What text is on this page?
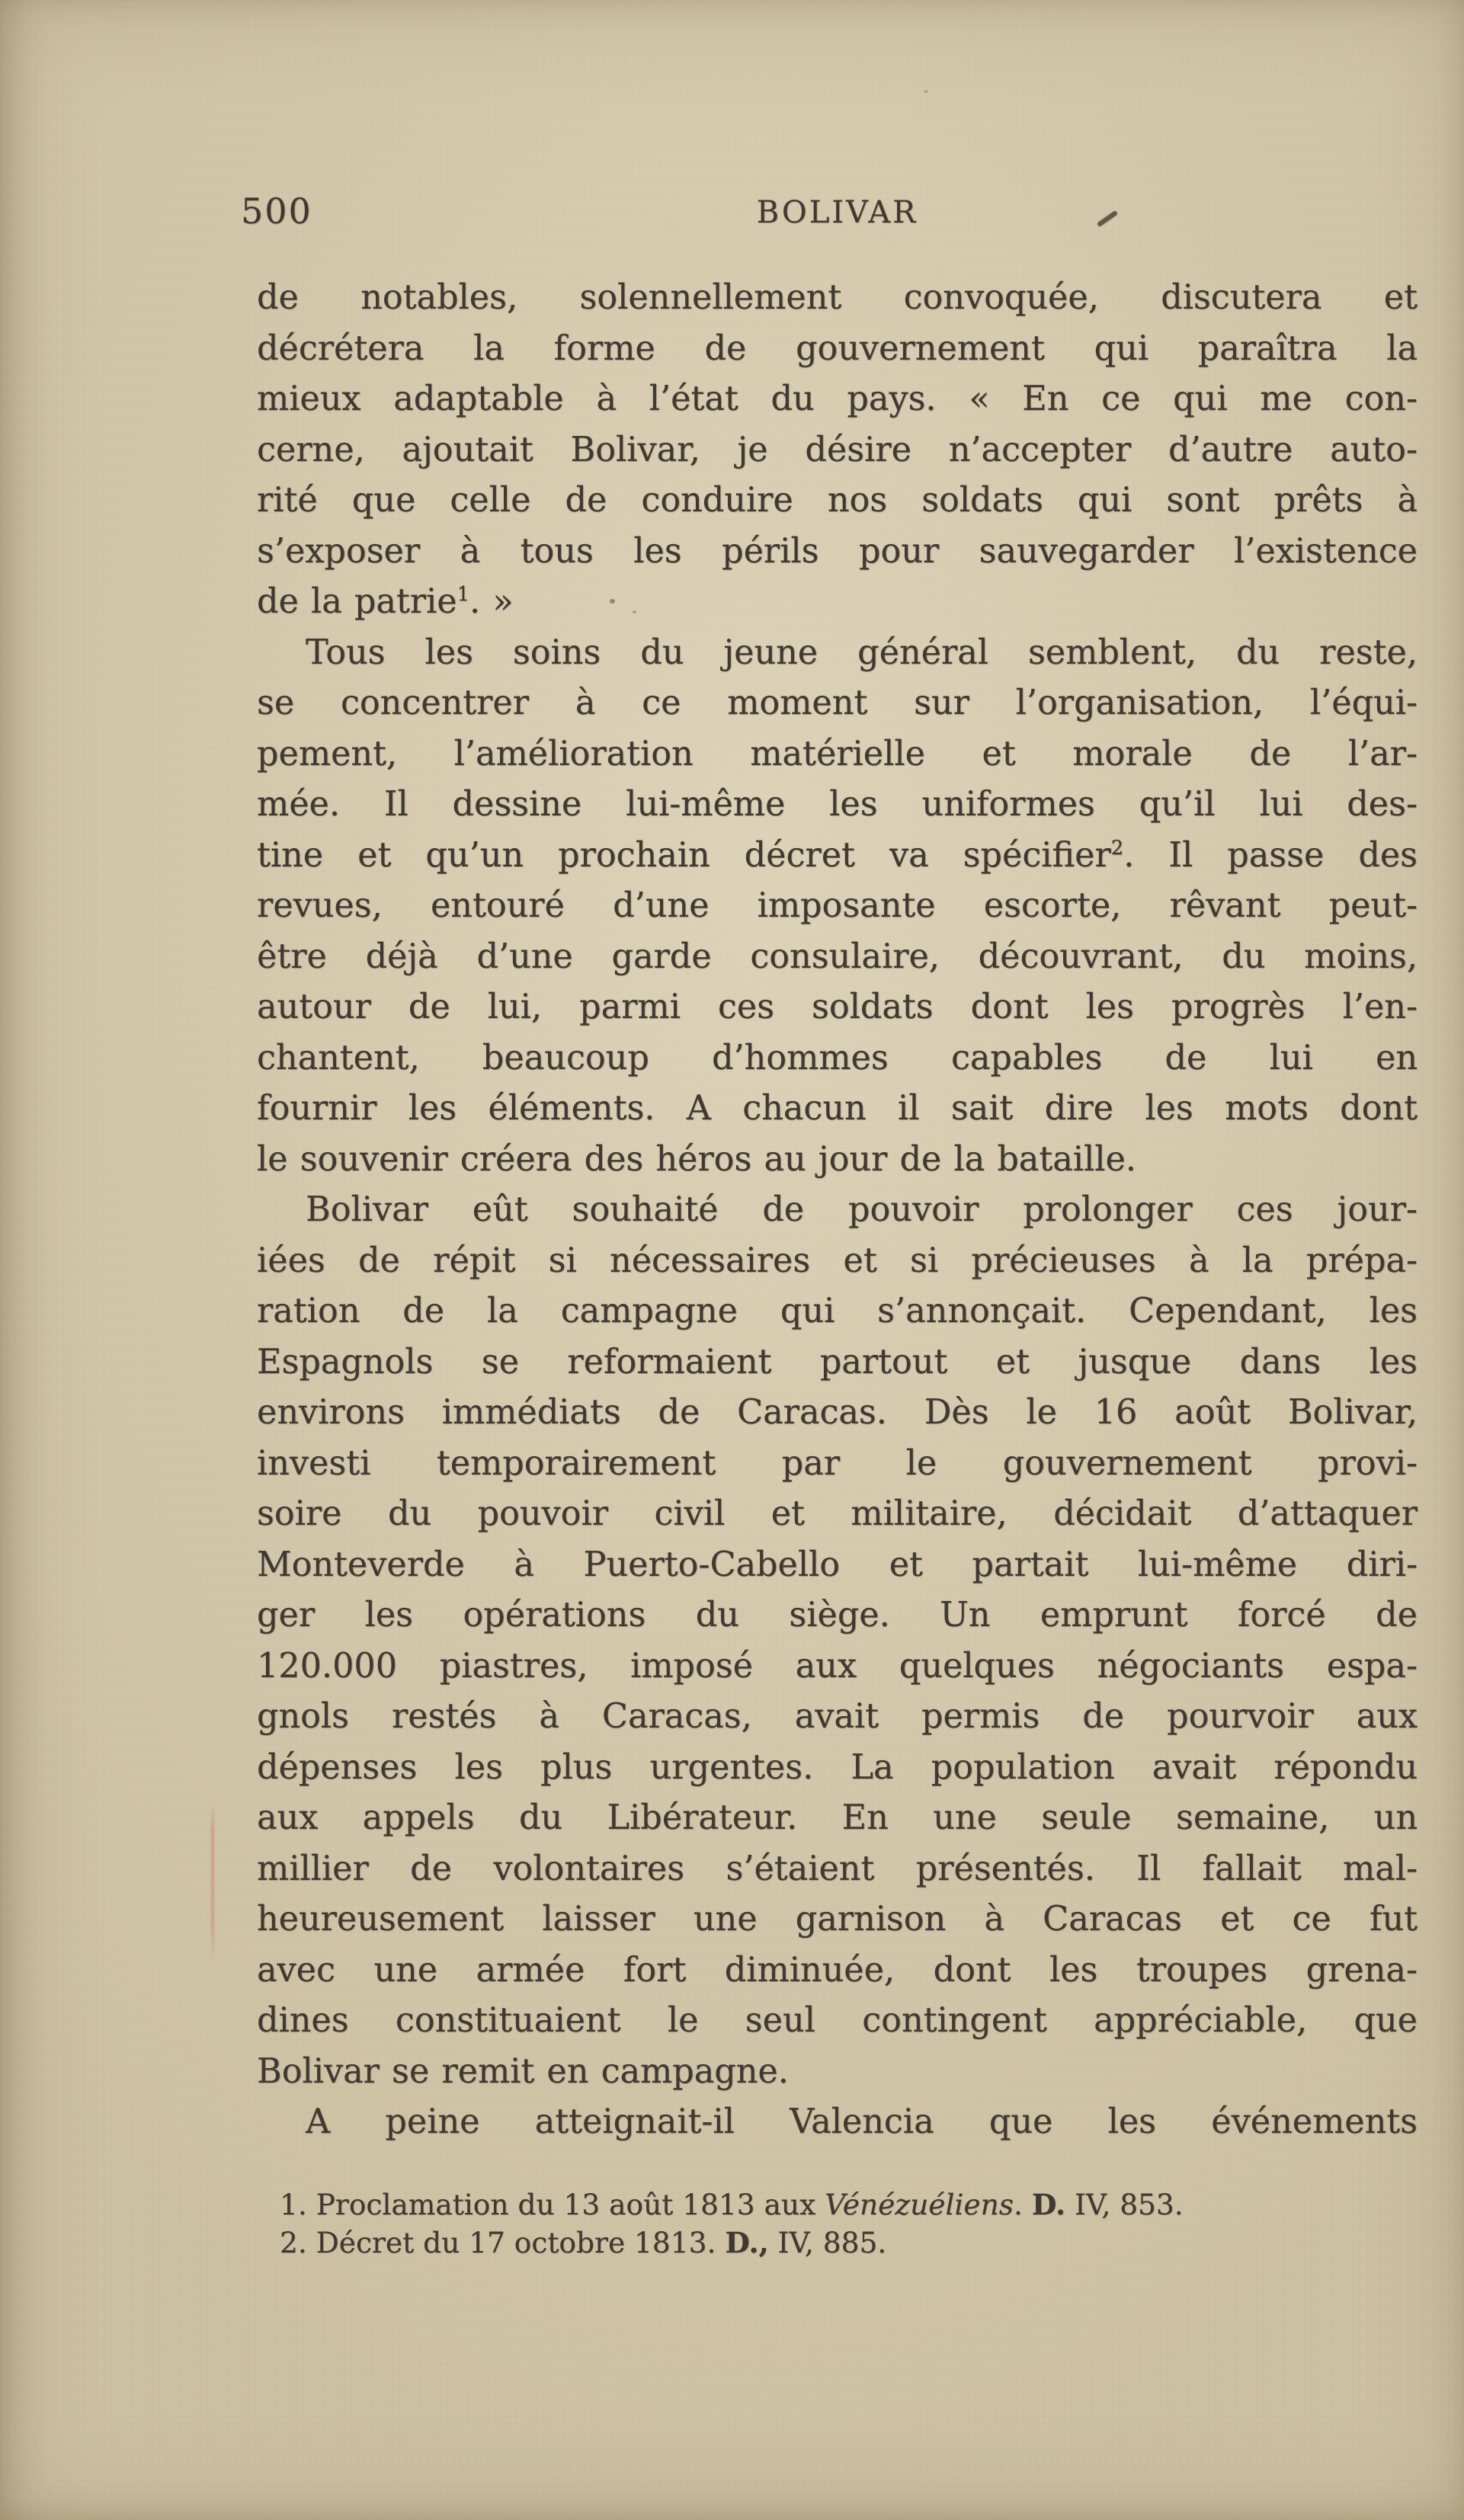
500	BOLIVAR
de notables, solennellement convoquée, discutera et
décrétera la forme de gouvernement qui paraîtra la
mieux adaptable à l’état du pays. « En ce qui me con-
cerne, ajoutait Bolivar, je désire n’accepter d’autre auto-
rité que celle de conduire nos soldats qui sont prêts à
s’exposer à tous les périls pour sauvegarder l’existence
de la patrie$^1$. »
Tous les soins du jeune général semblent, du reste,
se concentrer à ce moment sur l’organisation, l’équi-
pement, l’amélioration matérielle et morale de l’ar-
mée. Il dessine lui-même les uniformes qu’il lui des-
tine et qu’un prochain décret va spécifier$^2$. Il passe des
revues, entouré d’une imposante escorte, rêvant peut-
être déjà d’une garde consulaire, découvrant, du moins,
autour de lui, parmi ces soldats dont les progrès l’en-
chantent, beaucoup d’hommes capables de lui en
fournir les éléments. A chacun il sait dire les mots dont
le souvenir créera des héros au jour de la bataille.
Bolivar eût souhaité de pouvoir prolonger ces jour-
iées de répit si nécessaires et si précieuses à la prépa-
ration de la campagne qui s’annonçait. Cependant, les
Espagnols se reformaient partout et jusque dans les
environs immédiats de Caracas. Dès le 16 août Bolivar,
investi temporairement par le gouvernement provi-
soire du pouvoir civil et militaire, décidait d’attaquer
Monteverde à Puerto-Cabello et partait lui-même diri-
ger les opérations du siège. Un emprunt forcé de
120.000 piastres, imposé aux quelques négociants espa-
gnols restés à Caracas, avait permis de pourvoir aux
dépenses les plus urgentes. La population avait répondu
aux appels du Libérateur. En une seule semaine, un
millier de volontaires s’étaient présentés. Il fallait mal-
heureusement laisser une garnison à Caracas et ce fut
avec une armée fort diminuée, dont les troupes grena-
dines constituaient le seul contingent appréciable, que
Bolivar se remit en campagne.
A peine atteignait-il Valencia que les événements
1. Proclamation du 13 août 1813 aux Vénézuéliens. D. IV, 853.
2. Décret du 17 octobre 1813. D., IV, 885.
